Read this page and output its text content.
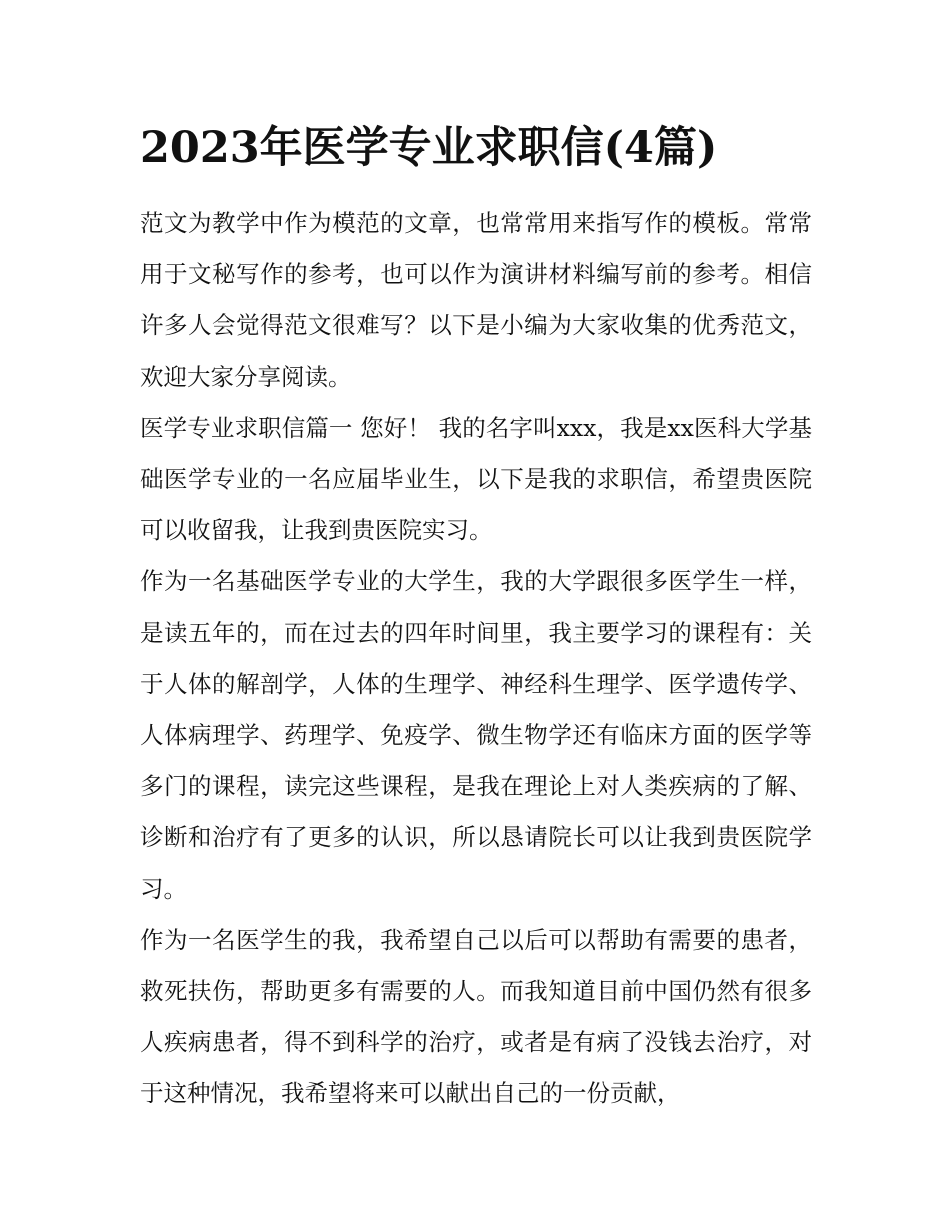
2023年医学专业求职信(4篇)

范文为教学中作为模范的文章，也常常用来指写作的模板。常常用于文秘写作的参考，也可以作为演讲材料编写前的参考。相信许多人会觉得范文很难写？以下是小编为大家收集的优秀范文，欢迎大家分享阅读。

医学专业求职信篇一 您好！ 我的名字叫xxx，我是xx医科大学基础医学专业的一名应届毕业生，以下是我的求职信，希望贵医院可以收留我，让我到贵医院实习。

作为一名基础医学专业的大学生，我的大学跟很多医学生一样，是读五年的，而在过去的四年时间里，我主要学习的课程有：关于人体的解剖学，人体的生理学、神经科生理学、医学遗传学、人体病理学、药理学、免疫学、微生物学还有临床方面的医学等多门的课程，读完这些课程，是我在理论上对人类疾病的了解、诊断和治疗有了更多的认识，所以恳请院长可以让我到贵医院学习。

作为一名医学生的我，我希望自己以后可以帮助有需要的患者，救死扶伤，帮助更多有需要的人。而我知道目前中国仍然有很多人疾病患者，得不到科学的治疗，或者是有病了没钱去治疗，对于这种情况，我希望将来可以献出自己的一份贡献，
